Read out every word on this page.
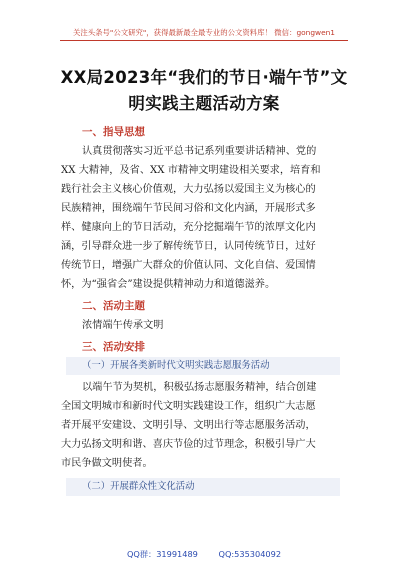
关注头条号"公文研究"，获得最新最全最专业的公文资料库！ 微信：gongwen1
XX局2023年“我们的节日·端午节”文
明实践主题活动方案
一、指导思想
认真贯彻落实习近平总书记系列重要讲话精神、党的
XX 大精神，及省、XX 市精神文明建设相关要求，培育和
践行社会主义核心价值观，大力弘扬以爱国主义为核心的
民族精神，围绕端午节民间习俗和文化内涵，开展形式多
样、健康向上的节日活动，充分挖掘端午节的浓厚文化内
涵，引导群众进一步了解传统节日，认同传统节日，过好
传统节日，增强广大群众的价值认同、文化自信、爱国情
怀，为“强省会”建设提供精神动力和道德滋养。
二、活动主题
浓情端午传承文明
三、活动安排
（一）开展各类新时代文明实践志愿服务活动
以端午节为契机，积极弘扬志愿服务精神，结合创建
全国文明城市和新时代文明实践建设工作，组织广大志愿
者开展平安建设、文明引导、文明出行等志愿服务活动，
大力弘扬文明和谐、喜庆节俭的过节理念，积极引导广大
市民争做文明使者。
（二）开展群众性文化活动
QQ群：31991489	QQ:535304092
